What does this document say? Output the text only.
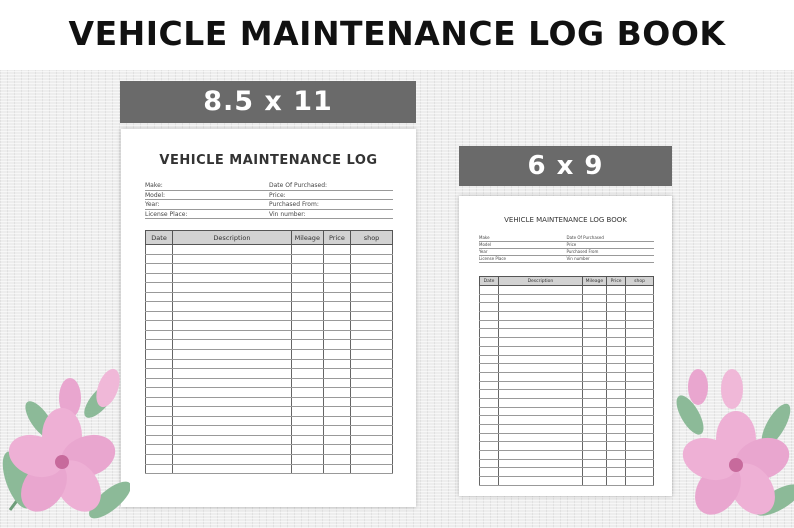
VEHICLE MAINTENANCE LOG BOOK
8.5 x 11
VEHICLE MAINTENANCE LOG
Make:	Date Of Purchased:
Model:	Price:
Year:	Purchased From:
License Place:	Vin number:
Date	Description	Mileage	Price	shop

6 x 9
VEHICLE MAINTENANCE LOG BOOK
Make	Date Of Purchased
Model	Price
Year	Purchased From
License Place	Vin number
Date	Description	Mileage	Price	shop
